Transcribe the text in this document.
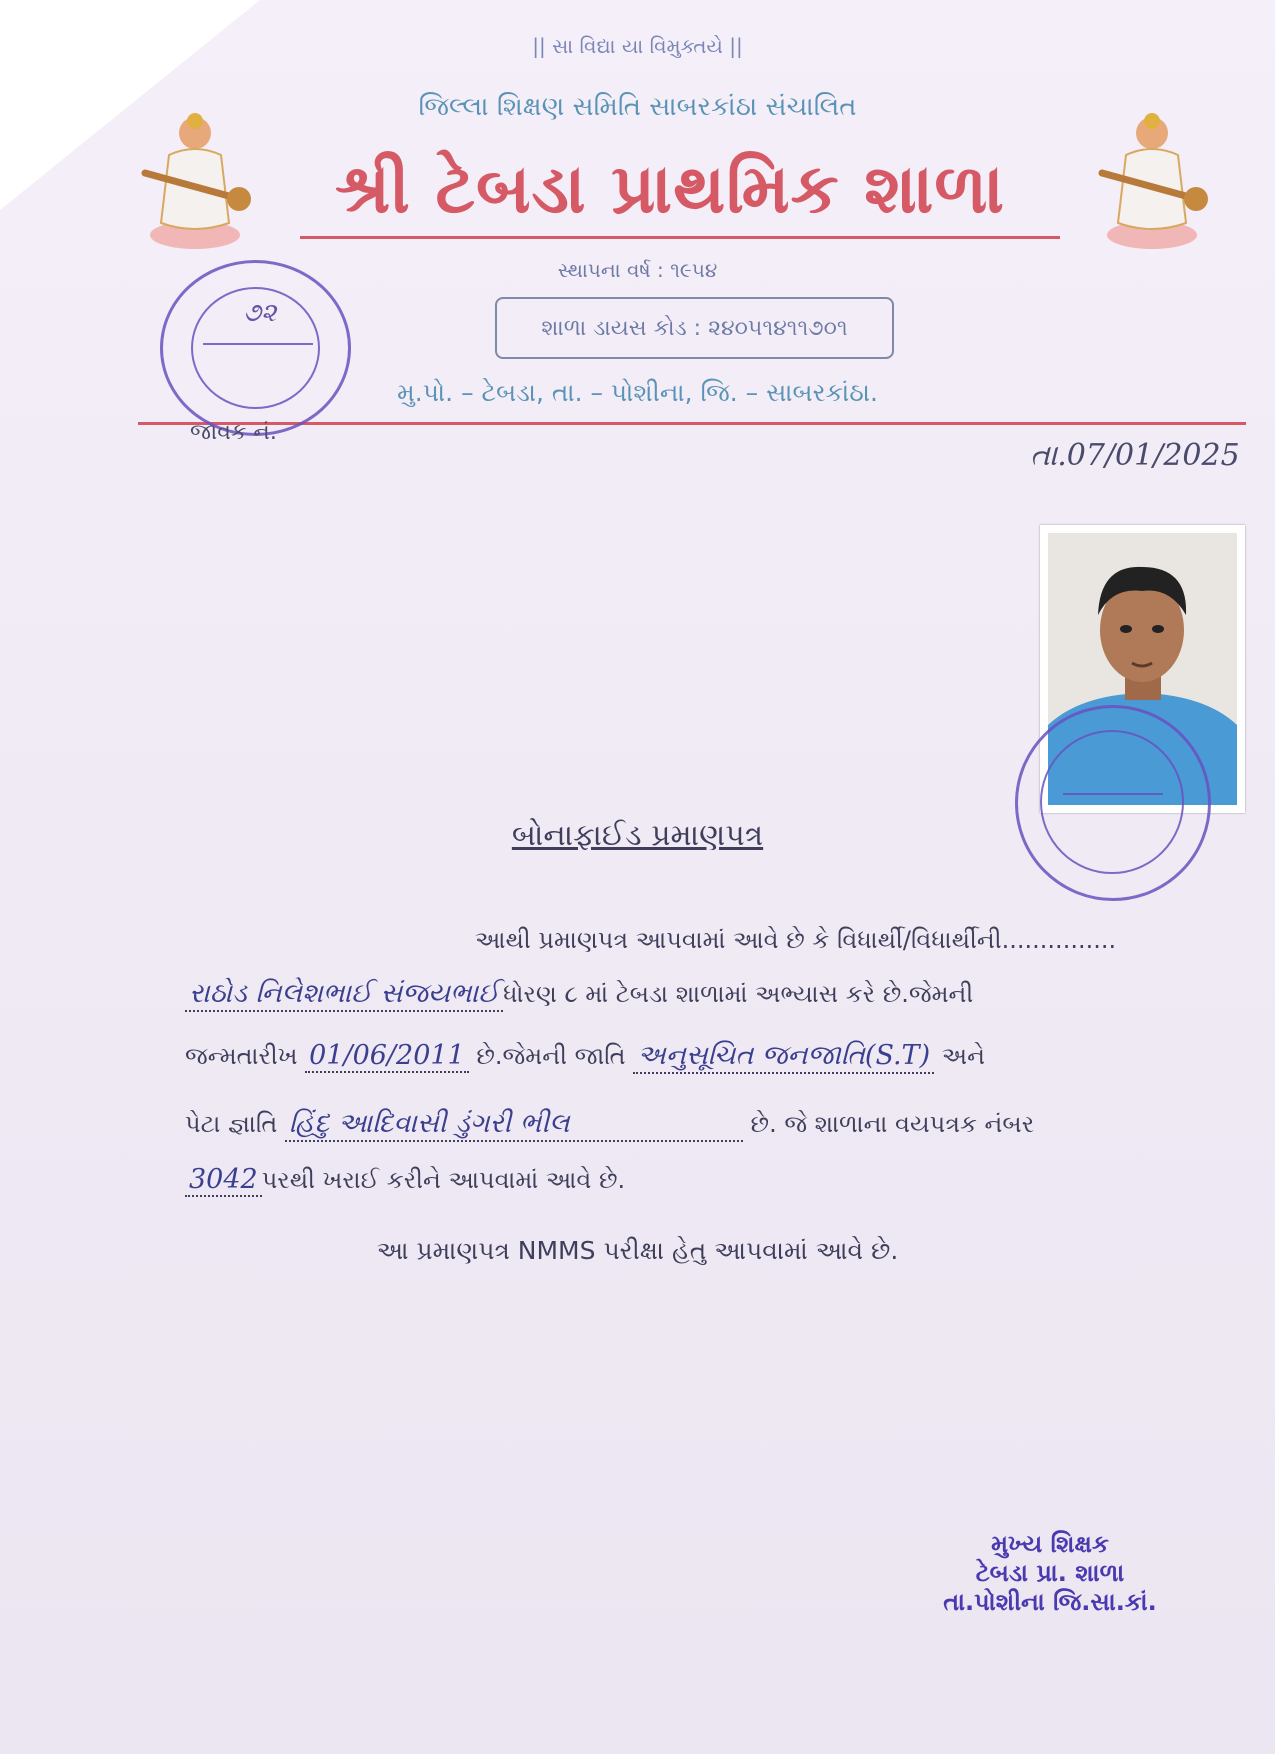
|| સા વિદ્યા યા વિમુક્તયે ||
જિલ્લા શિક્ષણ સમિતિ સાબરકાંઠા સંચાલિત
શ્રી ટેબડા પ્રાથમિક શાળા
સ્થાપના વર્ષ : ૧૯૫૪
શાળા ડાયસ કોડ : ૨૪૦૫૧૪૧૧૭૦૧
મુ.પો. – ટેબડા, તા. – પોશીના, જિ. – સાબરકાંઠા.
૭૨
જાવક નં.
તા.07/01/2025
બોનાફાઈડ પ્રમાણપત્ર
આથી પ્રમાણપત્ર આપવામાં આવે છે કે વિધાર્થી/વિધાર્થીની...............
રાઠોડ નિલેશભાઈ સંજયભાઈ ધોરણ ૮ માં ટેબડા શાળામાં અભ્યાસ કરે છે.જેમની
જન્મતારીખ 01/06/2011 છે.જેમની જાતિ અનુસૂચિત જનજાતિ(S.T) અને
પેટા જ્ઞાતિ હિંદુ આદિવાસી ડુંગરી ભીલ	છે. જે શાળાના વયપત્રક નંબર
3042 પરથી ખરાઈ કરીને આપવામાં આવે છે.
આ પ્રમાણપત્ર NMMS પરીક્ષા હેતુ આપવામાં આવે છે.
મુખ્ય શિક્ષક
ટેબડા પ્રા. શાળા
તા.પોશીના જિ.સા.કાં.
